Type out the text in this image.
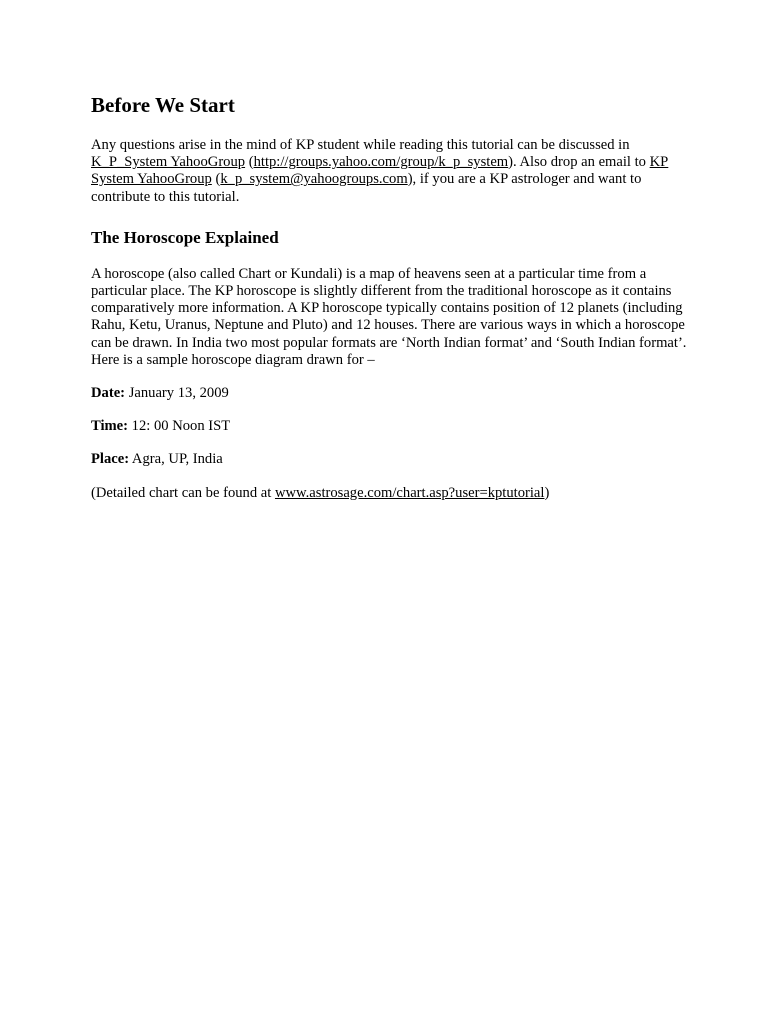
Before We Start

Any questions arise in the mind of KP student while reading this tutorial can be discussed in K_P_System YahooGroup (http://groups.yahoo.com/group/k_p_system). Also drop an email to KP System YahooGroup (k_p_system@yahoogroups.com), if you are a KP astrologer and want to contribute to this tutorial.

The Horoscope Explained

A horoscope (also called Chart or Kundali) is a map of heavens seen at a particular time from a particular place. The KP horoscope is slightly different from the traditional horoscope as it contains comparatively more information. A KP horoscope typically contains position of 12 planets (including Rahu, Ketu, Uranus, Neptune and Pluto) and 12 houses. There are various ways in which a horoscope can be drawn. In India two most popular formats are ‘North Indian format’ and ‘South Indian format’. Here is a sample horoscope diagram drawn for –

Date: January 13, 2009

Time: 12: 00 Noon IST

Place: Agra, UP, India

(Detailed chart can be found at www.astrosage.com/chart.asp?user=kptutorial)
